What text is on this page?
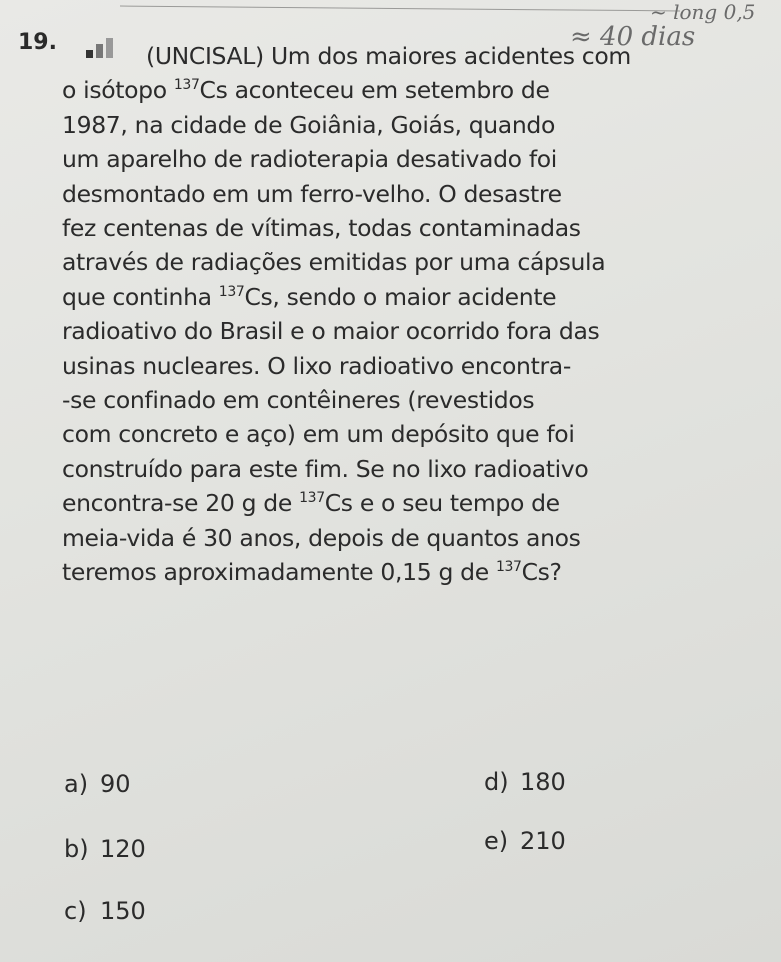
~ long 0,5
≈ 40 dias
19.	(UNCISAL) Um dos maiores acidentes com
o isótopo $^{137}$Cs aconteceu em setembro de
1987, na cidade de Goiânia, Goiás, quando
um aparelho de radioterapia desativado foi
desmontado em um ferro-velho. O desastre
fez centenas de vítimas, todas contaminadas
através de radiações emitidas por uma cápsula
que continha $^{137}$Cs, sendo o maior acidente
radioativo do Brasil e o maior ocorrido fora das
usinas nucleares. O lixo radioativo encontra-
-se confinado em contêineres (revestidos
com concreto e aço) em um depósito que foi
construído para este fim. Se no lixo radioativo
encontra-se 20 g de $^{137}$Cs e o seu tempo de
meia-vida é 30 anos, depois de quantos anos
teremos aproximadamente 0,15 g de $^{137}$Cs?
a) 90
b) 120
c) 150
d) 180
e) 210
